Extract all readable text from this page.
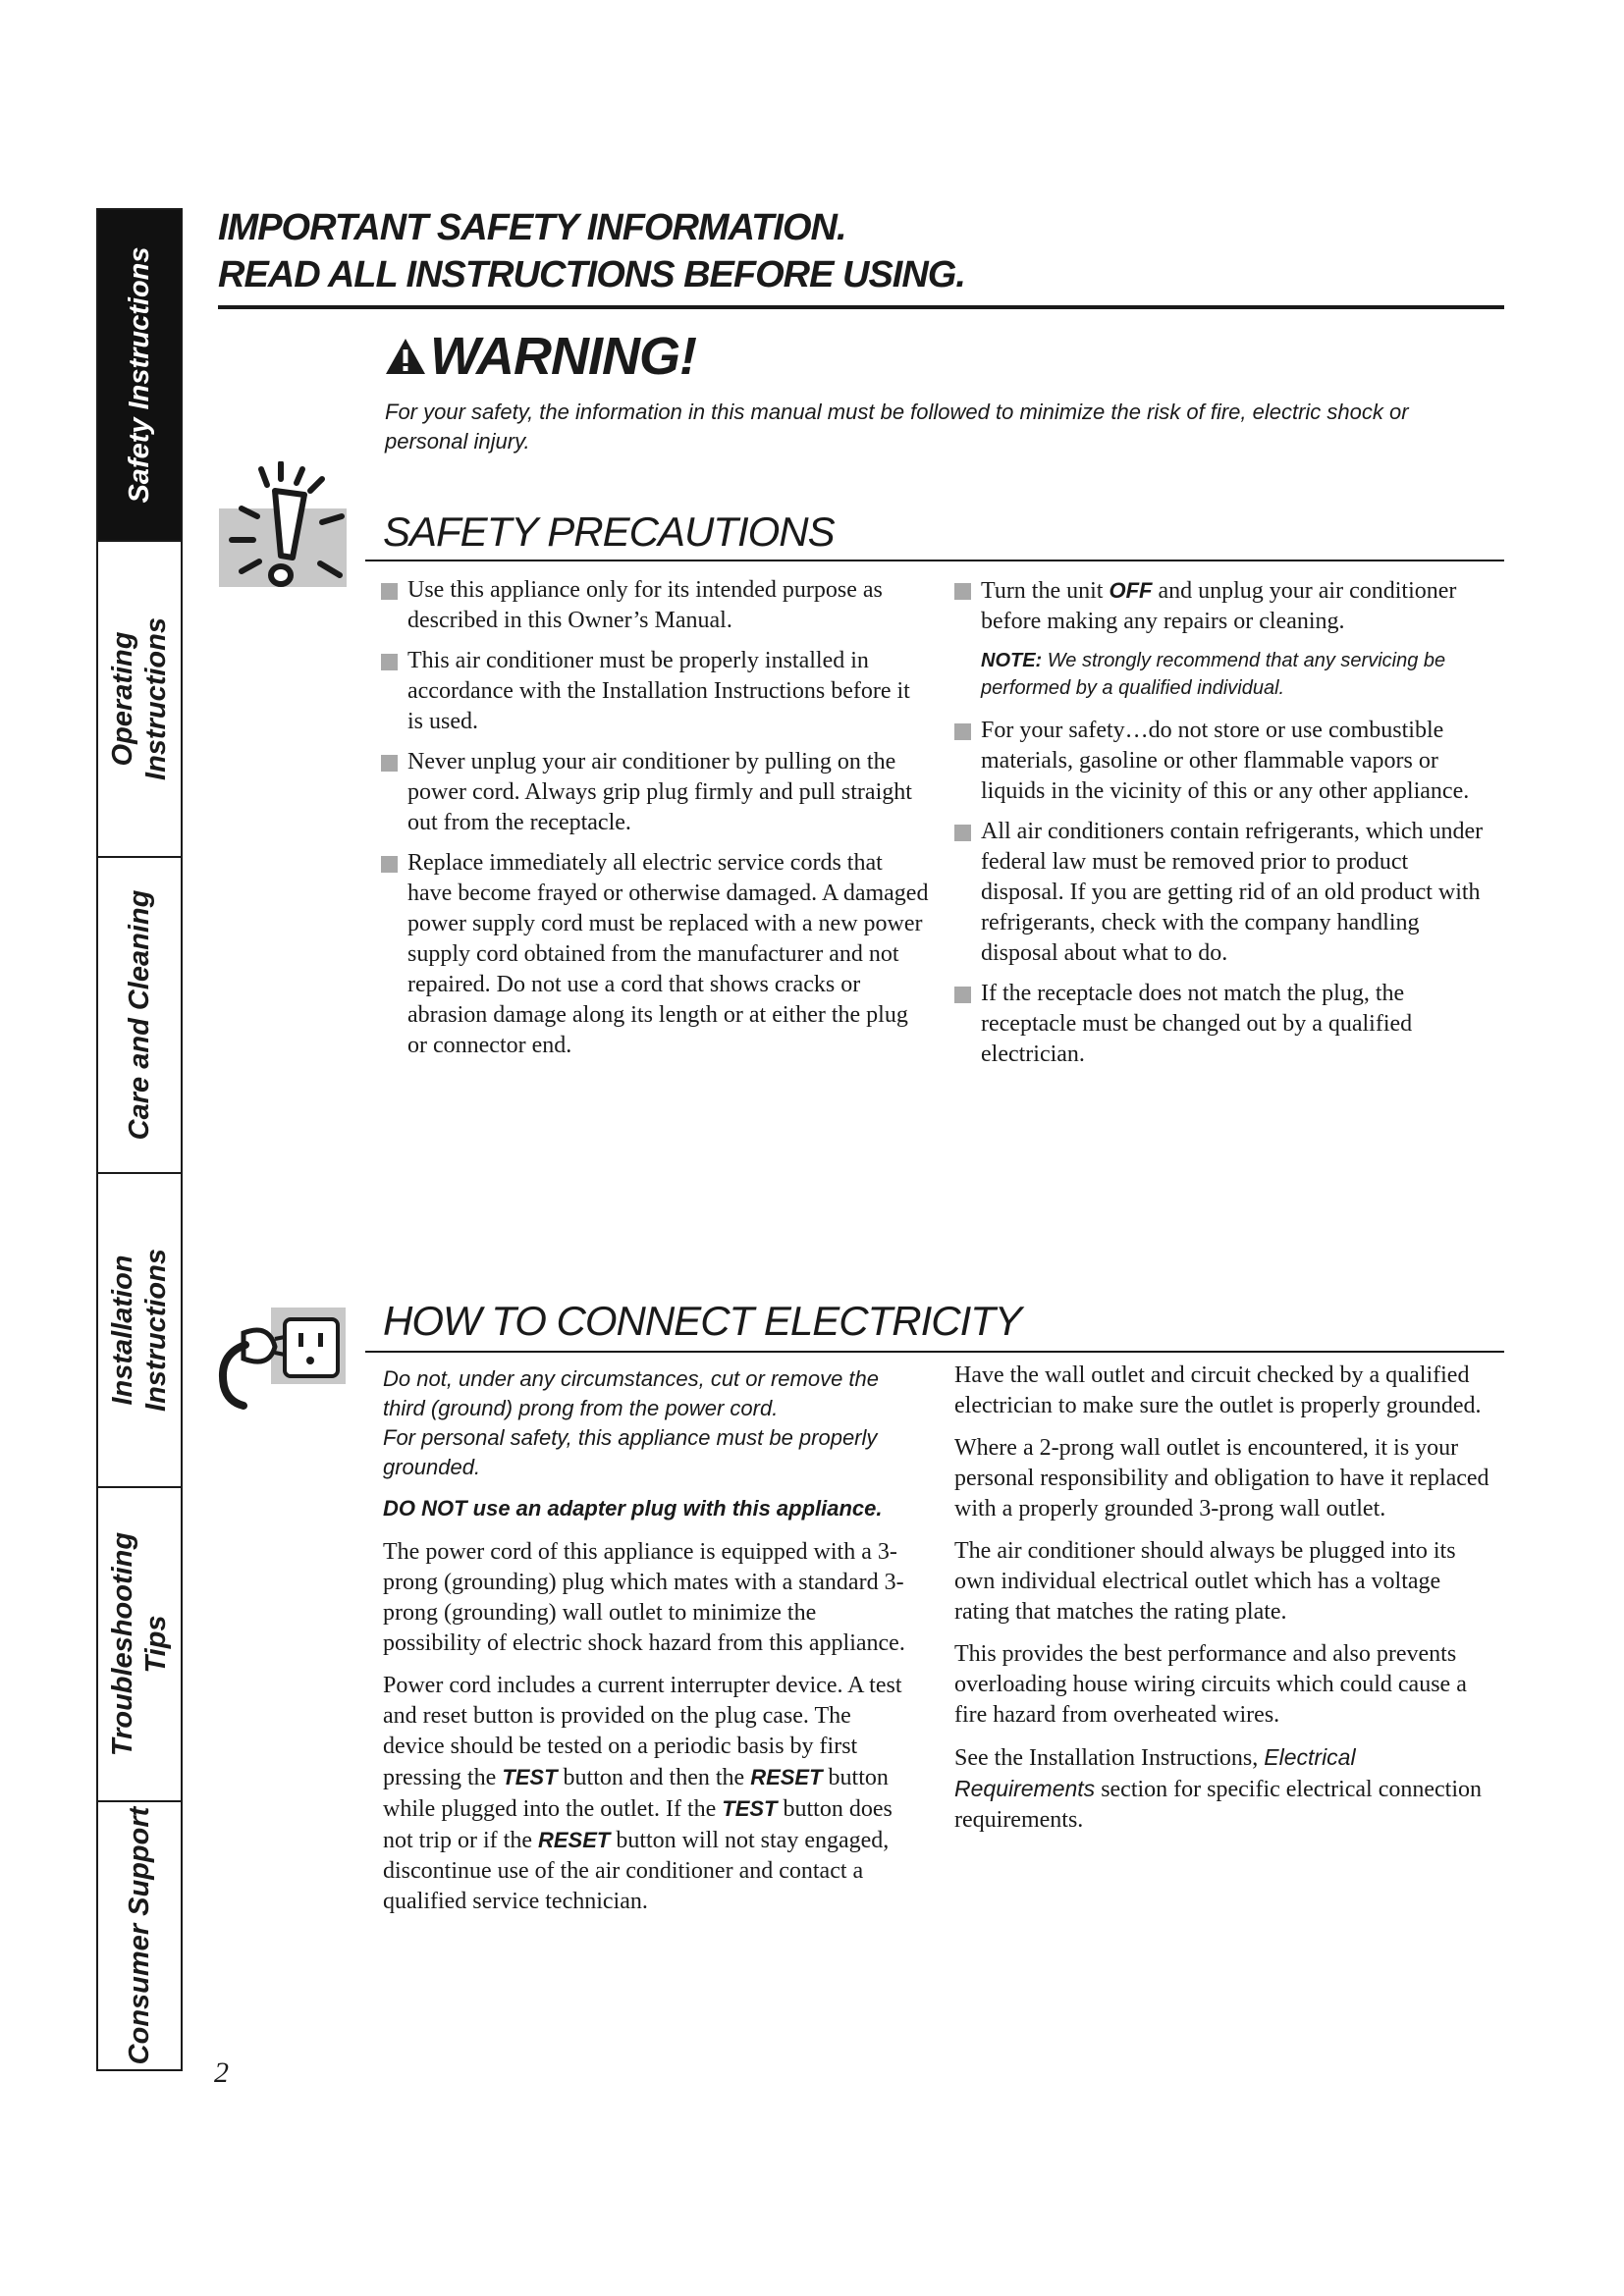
Safety Instructions
Operating Instructions
Care and Cleaning
Installation Instructions
Troubleshooting Tips
Consumer Support
IMPORTANT SAFETY INFORMATION.
READ ALL INSTRUCTIONS BEFORE USING.
WARNING!
For your safety, the information in this manual must be followed to minimize the risk of fire, electric shock or personal injury.
SAFETY PRECAUTIONS
Use this appliance only for its intended purpose as described in this Owner’s Manual.
This air conditioner must be properly installed in accordance with the Installation Instructions before it is used.
Never unplug your air conditioner by pulling on the power cord. Always grip plug firmly and pull straight out from the receptacle.
Replace immediately all electric service cords that have become frayed or otherwise damaged. A damaged power supply cord must be replaced with a new power supply cord obtained from the manufacturer and not repaired. Do not use a cord that shows cracks or abrasion damage along its length or at either the plug or connector end.
Turn the unit OFF and unplug your air conditioner before making any repairs or cleaning.
NOTE: We strongly recommend that any servicing be performed by a qualified individual.
For your safety…do not store or use combustible materials, gasoline or other flammable vapors or liquids in the vicinity of this or any other appliance.
All air conditioners contain refrigerants, which under federal law must be removed prior to product disposal. If you are getting rid of an old product with refrigerants, check with the company handling disposal about what to do.
If the receptacle does not match the plug, the receptacle must be changed out by a qualified electrician.
HOW TO CONNECT ELECTRICITY
Do not, under any circumstances, cut or remove the third (ground) prong from the power cord.
For personal safety, this appliance must be properly grounded.
DO NOT use an adapter plug with this appliance.

The power cord of this appliance is equipped with a 3-prong (grounding) plug which mates with a standard 3-prong (grounding) wall outlet to minimize the possibility of electric shock hazard from this appliance.

Power cord includes a current interrupter device. A test and reset button is provided on the plug case. The device should be tested on a periodic basis by first pressing the TEST button and then the RESET button while plugged into the outlet. If the TEST button does not trip or if the RESET button will not stay engaged, discontinue use of the air conditioner and contact a qualified service technician.

Have the wall outlet and circuit checked by a qualified electrician to make sure the outlet is properly grounded.

Where a 2-prong wall outlet is encountered, it is your personal responsibility and obligation to have it replaced with a properly grounded 3-prong wall outlet.

The air conditioner should always be plugged into its own individual electrical outlet which has a voltage rating that matches the rating plate.

This provides the best performance and also prevents overloading house wiring circuits which could cause a fire hazard from overheated wires.

See the Installation Instructions, Electrical Requirements section for specific electrical connection requirements.

2
